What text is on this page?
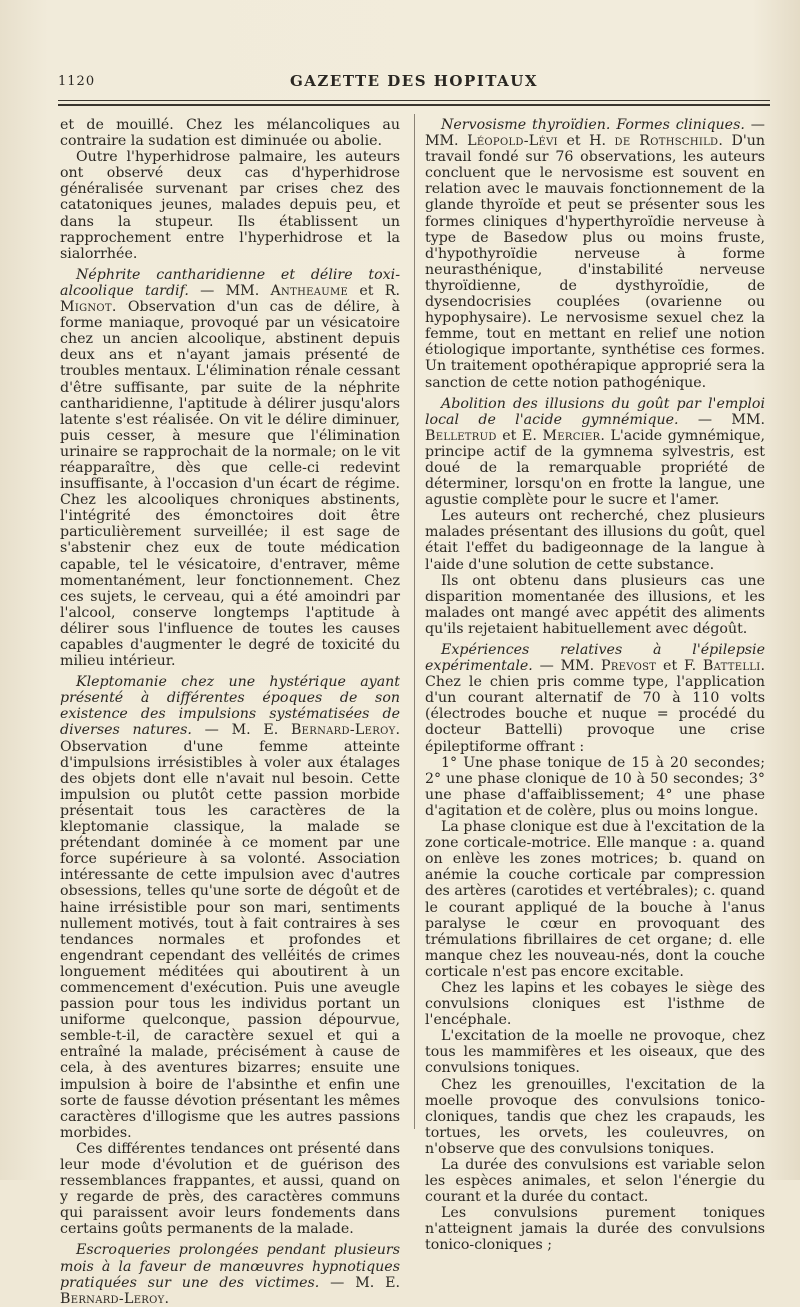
1120	GAZETTE DES HOPITAUX

et de mouillé. Chez les mélancoliques au contraire la sudation est diminuée ou abolie.

Outre l'hyperhidrose palmaire, les auteurs ont observé deux cas d'hyperhidrose généralisée survenant par crises chez des catatoniques jeunes, malades depuis peu, et dans la stupeur. Ils établissent un rapprochement entre l'hyperhidrose et la sialorrhée.

Néphrite cantharidienne et délire toxi-alcoolique tardif. — MM. Antheaume et R. Mignot. Observation d'un cas de délire, à forme maniaque, provoqué par un vésicatoire chez un ancien alcoolique, abstinent depuis deux ans et n'ayant jamais présenté de troubles mentaux. L'élimination rénale cessant d'être suffisante, par suite de la néphrite cantharidienne, l'aptitude à délirer jusqu'alors latente s'est réalisée. On vit le délire diminuer, puis cesser, à mesure que l'élimination urinaire se rapprochait de la normale; on le vit réapparaître, dès que celle-ci redevint insuffisante, à l'occasion d'un écart de régime. Chez les alcooliques chroniques abstinents, l'intégrité des émonctoires doit être particulièrement surveillée; il est sage de s'abstenir chez eux de toute médication capable, tel le vésicatoire, d'entraver, même momentanément, leur fonctionnement. Chez ces sujets, le cerveau, qui a été amoindri par l'alcool, conserve longtemps l'aptitude à délirer sous l'influence de toutes les causes capables d'augmenter le degré de toxicité du milieu intérieur.

Kleptomanie chez une hystérique ayant présenté à différentes époques de son existence des impulsions systématisées de diverses natures. — M. E. Bernard-Leroy. Observation d'une femme atteinte d'impulsions irrésistibles à voler aux étalages des objets dont elle n'avait nul besoin. Cette impulsion ou plutôt cette passion morbide présentait tous les caractères de la kleptomanie classique, la malade se prétendant dominée à ce moment par une force supérieure à sa volonté. Association intéressante de cette impulsion avec d'autres obsessions, telles qu'une sorte de dégoût et de haine irrésistible pour son mari, sentiments nullement motivés, tout à fait contraires à ses tendances normales et profondes et engendrant cependant des velléités de crimes longuement méditées qui aboutirent à un commencement d'exécution. Puis une aveugle passion pour tous les individus portant un uniforme quelconque, passion dépourvue, semble-t-il, de caractère sexuel et qui a entraîné la malade, précisément à cause de cela, à des aventures bizarres; ensuite une impulsion à boire de l'absinthe et enfin une sorte de fausse dévotion présentant les mêmes caractères d'illogisme que les autres passions morbides.

Ces différentes tendances ont présenté dans leur mode d'évolution et de guérison des ressemblances frappantes, et aussi, quand on y regarde de près, des caractères communs qui paraissent avoir leurs fondements dans certains goûts permanents de la malade.

Escroqueries prolongées pendant plusieurs mois à la faveur de manœuvres hypnotiques pratiquées sur une des victimes. — M. E. Bernard-Leroy.

Nervosisme thyroïdien. Formes cliniques. — MM. Léopold-Lévi et H. de Rothschild. D'un travail fondé sur 76 observations, les auteurs concluent que le nervosisme est souvent en relation avec le mauvais fonctionnement de la glande thyroïde et peut se présenter sous les formes cliniques d'hyperthyroïdie nerveuse à type de Basedow plus ou moins fruste, d'hypothyroïdie nerveuse à forme neurasthénique, d'instabilité nerveuse thyroïdienne, de dysthyroïdie, de dysendocrisies couplées (ovarienne ou hypophysaire). Le nervosisme sexuel chez la femme, tout en mettant en relief une notion étiologique importante, synthétise ces formes. Un traitement opothérapique approprié sera la sanction de cette notion pathogénique.

Abolition des illusions du goût par l'emploi local de l'acide gymnémique. — MM. Belletrud et E. Mercier. L'acide gymnémique, principe actif de la gymnema sylvestris, est doué de la remarquable propriété de déterminer, lorsqu'on en frotte la langue, une agustie complète pour le sucre et l'amer.

Les auteurs ont recherché, chez plusieurs malades présentant des illusions du goût, quel était l'effet du badigeonnage de la langue à l'aide d'une solution de cette substance.

Ils ont obtenu dans plusieurs cas une disparition momentanée des illusions, et les malades ont mangé avec appétit des aliments qu'ils rejetaient habituellement avec dégoût.

Expériences relatives à l'épilepsie expérimentale. — MM. Prevost et F. Battelli. Chez le chien pris comme type, l'application d'un courant alternatif de 70 à 110 volts (électrodes bouche et nuque = procédé du docteur Battelli) provoque une crise épileptiforme offrant :

1° Une phase tonique de 15 à 20 secondes; 2° une phase clonique de 10 à 50 secondes; 3° une phase d'affaiblissement; 4° une phase d'agitation et de colère, plus ou moins longue.

La phase clonique est due à l'excitation de la zone corticale-motrice. Elle manque : a. quand on enlève les zones motrices; b. quand on anémie la couche corticale par compression des artères (carotides et vertébrales); c. quand le courant appliqué de la bouche à l'anus paralyse le cœur en provoquant des trémulations fibrillaires de cet organe; d. elle manque chez les nouveau-nés, dont la couche corticale n'est pas encore excitable.

Chez les lapins et les cobayes le siège des convulsions cloniques est l'isthme de l'encéphale.

L'excitation de la moelle ne provoque, chez tous les mammifères et les oiseaux, que des convulsions toniques.

Chez les grenouilles, l'excitation de la moelle provoque des convulsions tonico-cloniques, tandis que chez les crapauds, les tortues, les orvets, les couleuvres, on n'observe que des convulsions toniques.

La durée des convulsions est variable selon les espèces animales, et selon l'énergie du courant et la durée du contact.

Les convulsions purement toniques n'atteignent jamais la durée des convulsions tonico-cloniques ;
